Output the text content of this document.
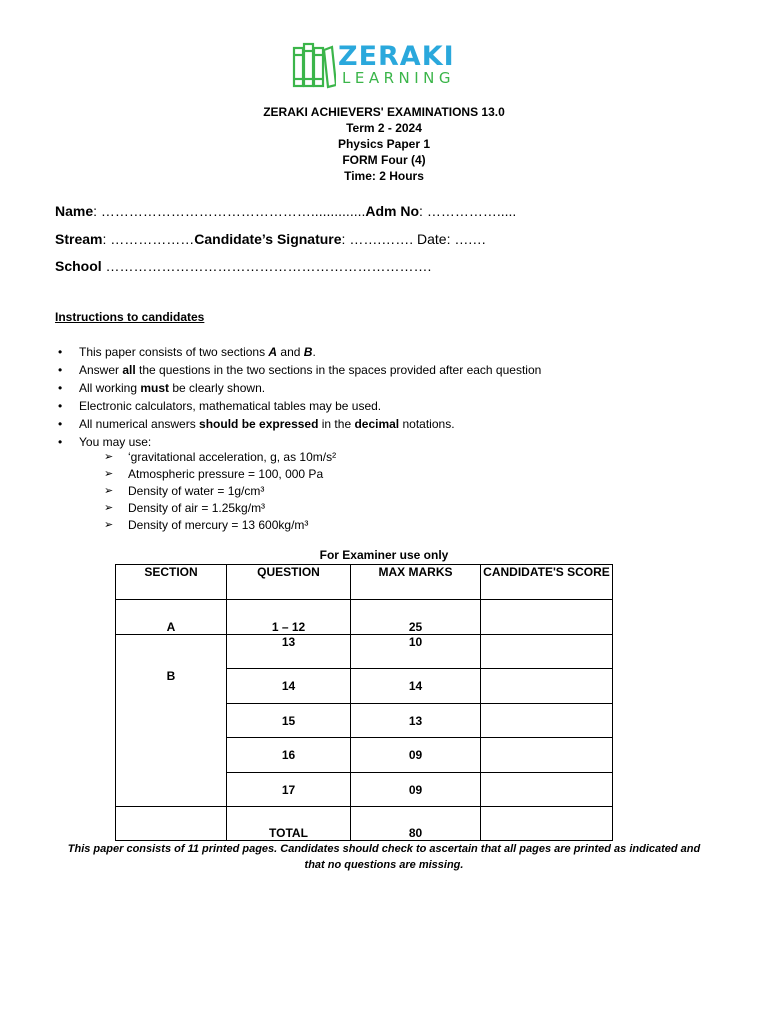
ZERAKI
LEARNING
ZERAKI ACHIEVERS' EXAMINATIONS 13.0
Term 2 - 2024
Physics Paper 1
FORM Four (4)
Time: 2 Hours
Name: ………………………………………..............Adm No: …………….....
Stream: ………………Candidate’s Signature: …….……. Date: ….…
School …………………………………………………………….
Instructions to candidates
• This paper consists of two sections A and B.
• Answer all the questions in the two sections in the spaces provided after each question
• All working must be clearly shown.
• Electronic calculators, mathematical tables may be used.
• All numerical answers should be expressed in the decimal notations.
• You may use:
➢ ‘gravitational acceleration, g, as 10m/s²
➢ Atmospheric pressure = 100, 000 Pa
➢ Density of water = 1g/cm³
➢ Density of air = 1.25kg/m³
➢ Density of mercury = 13 600kg/m³
For Examiner use only
SECTION	QUESTION	MAX MARKS	CANDIDATE'S SCORE
A	1 – 12	25	
B	13	10	
	14	14	
	15	13	
	16	09	
	17	09	
	TOTAL	80	
This paper consists of 11 printed pages. Candidates should check to ascertain that all pages are printed as indicated and that no questions are missing.
